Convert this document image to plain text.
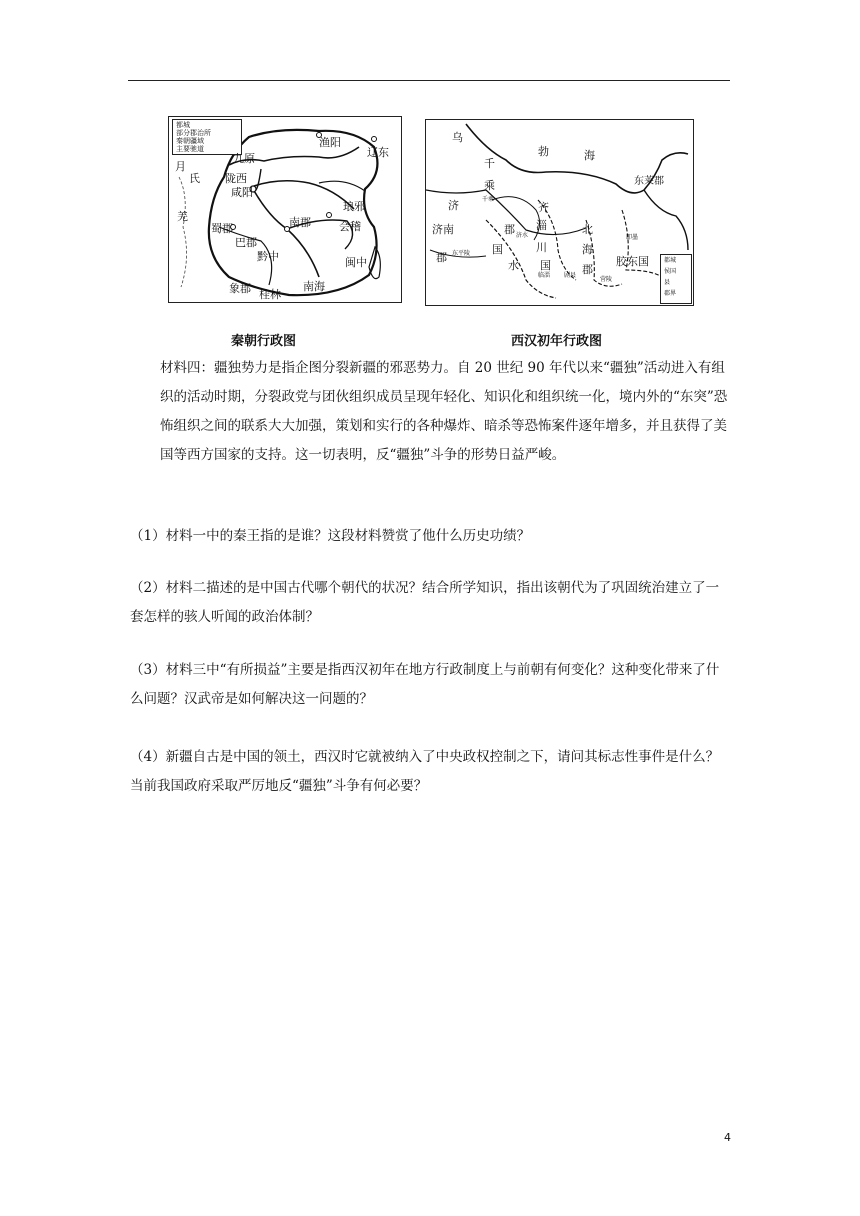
都城
部分郡治所
秦朝疆域
主要驰道
九原
渔阳
辽东
陇西
咸阳
月
氏
羌
琅邪
蜀郡	南郡
巴郡
会稽
黔中	闽中
象郡 桂林
南海
都城
侯国
县
郡界
乌
勃	海
千
东莱郡
乘
千乘
济	齐
济南
郡 东平陵
淄	北
川
国
水
海
郡
胶东国
即墨
济水
临淄 剧县
营陵
郡
国
秦朝行政图	西汉初年行政图
材料四：疆独势力是指企图分裂新疆的邪恶势力。自 20 世纪 90 年代以来“疆独”活动进入有组织的活动时期，分裂政党与团伙组织成员呈现年轻化、知识化和组织统一化，境内外的“东突”恐怖组织之间的联系大大加强，策划和实行的各种爆炸、暗杀等恐怖案件逐年增多，并且获得了美国等西方国家的支持。这一切表明，反“疆独”斗争的形势日益严峻。
（1）材料一中的秦王指的是谁？这段材料赞赏了他什么历史功绩？
（2）材料二描述的是中国古代哪个朝代的状况？结合所学知识，指出该朝代为了巩固统治建立了一套怎样的骇人听闻的政治体制？
（3）材料三中“有所损益”主要是指西汉初年在地方行政制度上与前朝有何变化？这种变化带来了什么问题？汉武帝是如何解决这一问题的？
（4）新疆自古是中国的领土，西汉时它就被纳入了中央政权控制之下，请问其标志性事件是什么？当前我国政府采取严厉地反“疆独”斗争有何必要？
4
